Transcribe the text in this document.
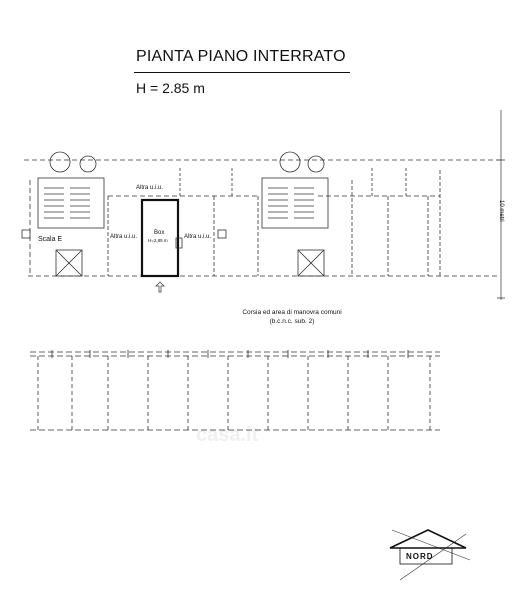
PIANTA PIANO INTERRATO
H = 2.85 m
casa.it
Altra u.i.u.
Altra u.i.u.	Altra u.i.u.
Scala E
Box
H=2,85 m
Corsia ed area di manovra comuni
(b.c.n.c. sub. 2)
10 metri
NORD
